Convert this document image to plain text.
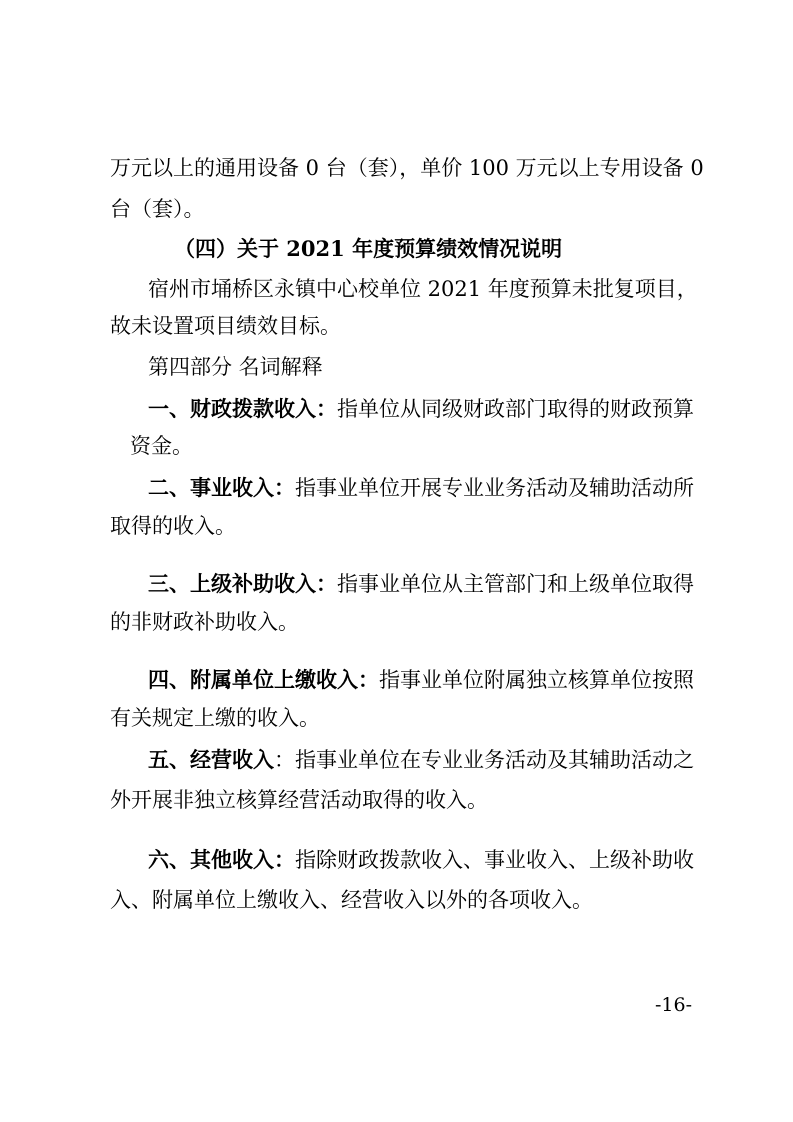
万元以上的通用设备 0 台（套），单价 100 万元以上专用设备 0
台（套）。
（四）关于 2021 年度预算绩效情况说明
宿州市埇桥区永镇中心校单位 2021 年度预算未批复项目，
故未设置项目绩效目标。
第四部分 名词解释
一、财政拨款收入：指单位从同级财政部门取得的财政预算
资金。
二、事业收入：指事业单位开展专业业务活动及辅助活动所
取得的收入。
三、上级补助收入：指事业单位从主管部门和上级单位取得
的非财政补助收入。
四、附属单位上缴收入：指事业单位附属独立核算单位按照
有关规定上缴的收入。
五、经营收入：指事业单位在专业业务活动及其辅助活动之
外开展非独立核算经营活动取得的收入。
六、其他收入：指除财政拨款收入、事业收入、上级补助收
入、附属单位上缴收入、经营收入以外的各项收入。
-16-
